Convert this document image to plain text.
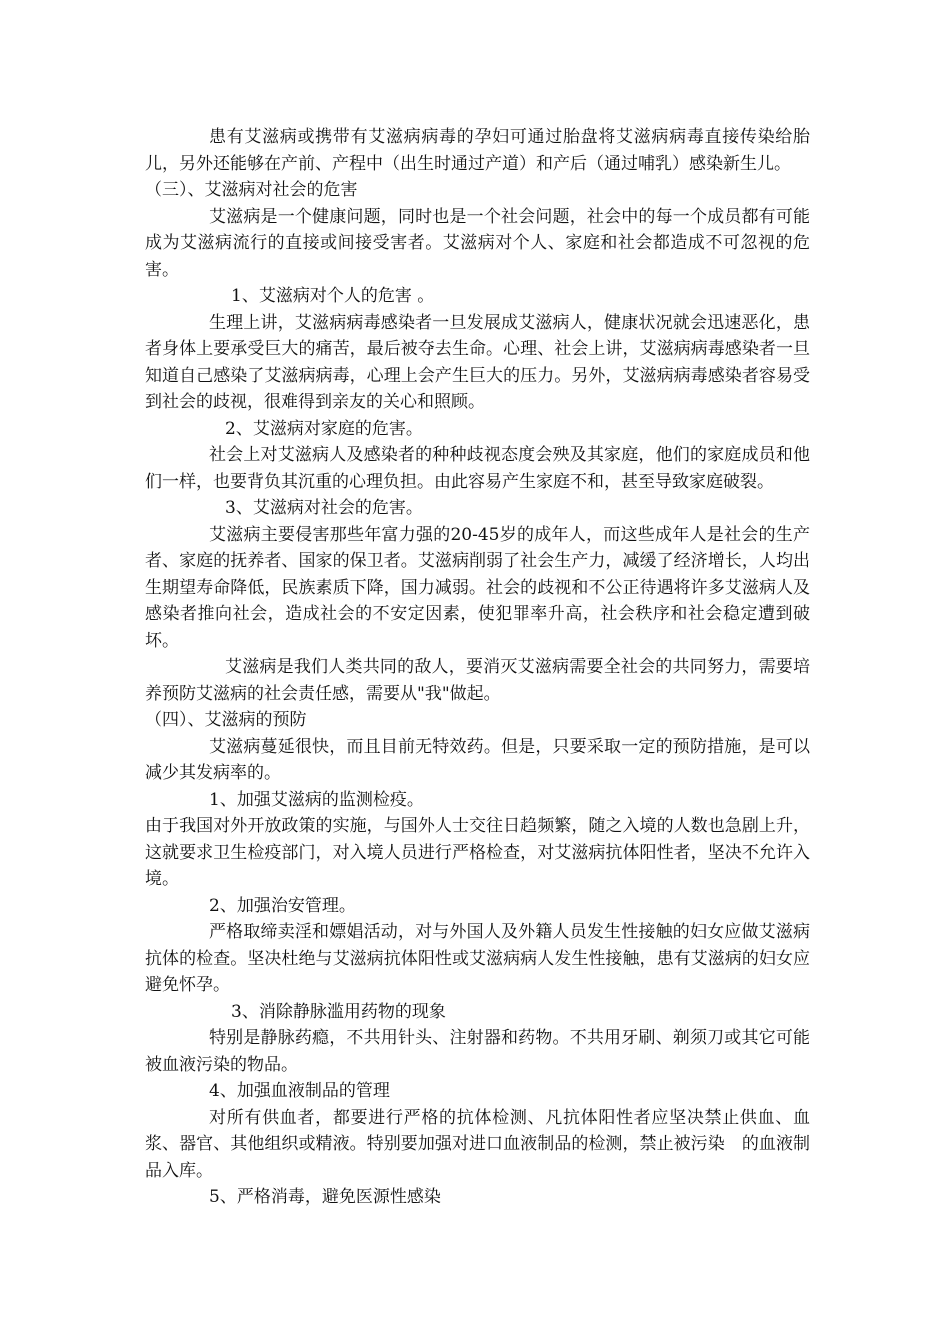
患有艾滋病或携带有艾滋病病毒的孕妇可通过胎盘将艾滋病病毒直接传染给胎儿，另外还能够在产前、产程中（出生时通过产道）和产后（通过哺乳）感染新生儿。

（三）、艾滋病对社会的危害

艾滋病是一个健康问题，同时也是一个社会问题，社会中的每一个成员都有可能成为艾滋病流行的直接或间接受害者。艾滋病对个人、家庭和社会都造成不可忽视的危害。

1、艾滋病对个人的危害 。

生理上讲，艾滋病病毒感染者一旦发展成艾滋病人，健康状况就会迅速恶化，患者身体上要承受巨大的痛苦，最后被夺去生命。心理、社会上讲，艾滋病病毒感染者一旦知道自己感染了艾滋病病毒，心理上会产生巨大的压力。另外，艾滋病病毒感染者容易受到社会的歧视，很难得到亲友的关心和照顾。

2、艾滋病对家庭的危害。

社会上对艾滋病人及感染者的种种歧视态度会殃及其家庭，他们的家庭成员和他们一样，也要背负其沉重的心理负担。由此容易产生家庭不和，甚至导致家庭破裂。

3、艾滋病对社会的危害。

艾滋病主要侵害那些年富力强的20-45岁的成年人，而这些成年人是社会的生产者、家庭的抚养者、国家的保卫者。艾滋病削弱了社会生产力，减缓了经济增长，人均出生期望寿命降低，民族素质下降，国力减弱。社会的歧视和不公正待遇将许多艾滋病人及感染者推向社会，造成社会的不安定因素，使犯罪率升高，社会秩序和社会稳定遭到破坏。

艾滋病是我们人类共同的敌人，要消灭艾滋病需要全社会的共同努力，需要培养预防艾滋病的社会责任感，需要从"我"做起。

（四）、艾滋病的预防

艾滋病蔓延很快，而且目前无特效药。但是，只要采取一定的预防措施，是可以减少其发病率的。

1、加强艾滋病的监测检疫。

由于我国对外开放政策的实施，与国外人士交往日趋频繁，随之入境的人数也急剧上升，这就要求卫生检疫部门，对入境人员进行严格检查，对艾滋病抗体阳性者，坚决不允许入境。

2、加强治安管理。

严格取缔卖淫和嫖娼活动，对与外国人及外籍人员发生性接触的妇女应做艾滋病抗体的检查。坚决杜绝与艾滋病抗体阳性或艾滋病病人发生性接触，患有艾滋病的妇女应避免怀孕。

3、消除静脉滥用药物的现象

特别是静脉药瘾，不共用针头、注射器和药物。不共用牙刷、剃须刀或其它可能被血液污染的物品。

4、加强血液制品的管理

对所有供血者，都要进行严格的抗体检测、凡抗体阳性者应坚决禁止供血、血浆、器官、其他组织或精液。特别要加强对进口血液制品的检测，禁止被污染　的血液制品入库。

5、严格消毒，避免医源性感染
